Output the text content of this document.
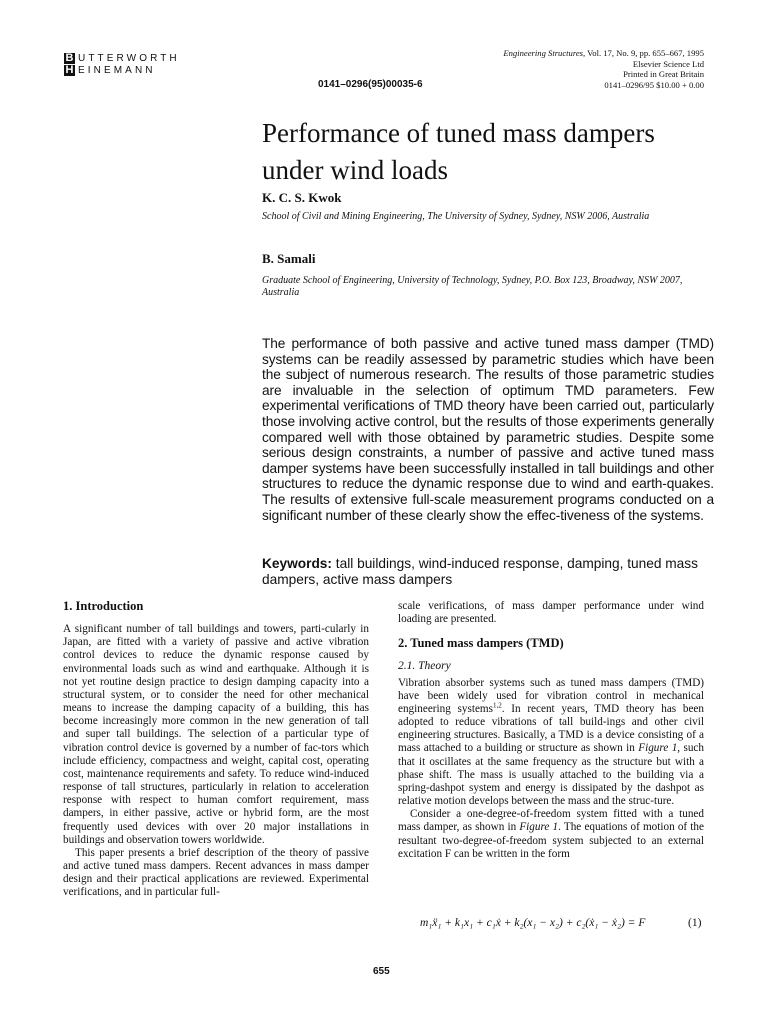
B UTTERWORTH
H EINEMANN
0141–0296(95)00035-6
Engineering Structures, Vol. 17, No. 9, pp. 655–667, 1995
Elsevier Science Ltd
Printed in Great Britain
0141–0296/95 $10.00 + 0.00
Performance of tuned mass dampers under wind loads
K. C. S. Kwok
School of Civil and Mining Engineering, The University of Sydney, Sydney, NSW 2006, Australia
B. Samali
Graduate School of Engineering, University of Technology, Sydney, P.O. Box 123, Broadway, NSW 2007, Australia

The performance of both passive and active tuned mass damper (TMD) systems can be readily assessed by parametric studies which have been the subject of numerous research. The results of those parametric studies are invaluable in the selection of optimum TMD parameters. Few experimental verifications of TMD theory have been carried out, particularly those involving active control, but the results of those experiments generally compared well with those obtained by parametric studies. Despite some serious design constraints, a number of passive and active tuned mass damper systems have been successfully installed in tall buildings and other structures to reduce the dynamic response due to wind and earth-quakes. The results of extensive full-scale measurement programs conducted on a significant number of these clearly show the effec-tiveness of the systems.

Keywords: tall buildings, wind-induced response, damping, tuned mass dampers, active mass dampers

1. Introduction

A significant number of tall buildings and towers, parti-cularly in Japan, are fitted with a variety of passive and active vibration control devices to reduce the dynamic response caused by environmental loads such as wind and earthquake. Although it is not yet routine design practice to design damping capacity into a structural system, or to consider the need for other mechanical means to increase the damping capacity of a building, this has become increasingly more common in the new generation of tall and super tall buildings. The selection of a particular type of vibration control device is governed by a number of fac-tors which include efficiency, compactness and weight, capital cost, operating cost, maintenance requirements and safety. To reduce wind-induced response of tall structures, particularly in relation to acceleration response with respect to human comfort requirement, mass dampers, in either passive, active or hybrid form, are the most frequently used devices with over 20 major installations in buildings and observation towers worldwide.

This paper presents a brief description of the theory of passive and active tuned mass dampers. Recent advances in mass damper design and their practical applications are reviewed. Experimental verifications, and in particular full-

scale verifications, of mass damper performance under wind loading are presented.

2. Tuned mass dampers (TMD)
2.1. Theory

Vibration absorber systems such as tuned mass dampers (TMD) have been widely used for vibration control in mechanical engineering systems$^{1,2}$. In recent years, TMD theory has been adopted to reduce vibrations of tall build-ings and other civil engineering structures. Basically, a TMD is a device consisting of a mass attached to a building or structure as shown in Figure 1, such that it oscillates at the same frequency as the structure but with a phase shift. The mass is usually attached to the building via a spring-dashpot system and energy is dissipated by the dashpot as relative motion develops between the mass and the struc-ture.

Consider a one-degree-of-freedom system fitted with a tuned mass damper, as shown in Figure 1. The equations of motion of the resultant two-degree-of-freedom system subjected to an external excitation F can be written in the form

m₁ẍ₁ + k₁x₁ + c₁ẋ + k₂(x₁ − x₂) + c₂(ẋ₁ − ẋ₂) = F	(1)
655
